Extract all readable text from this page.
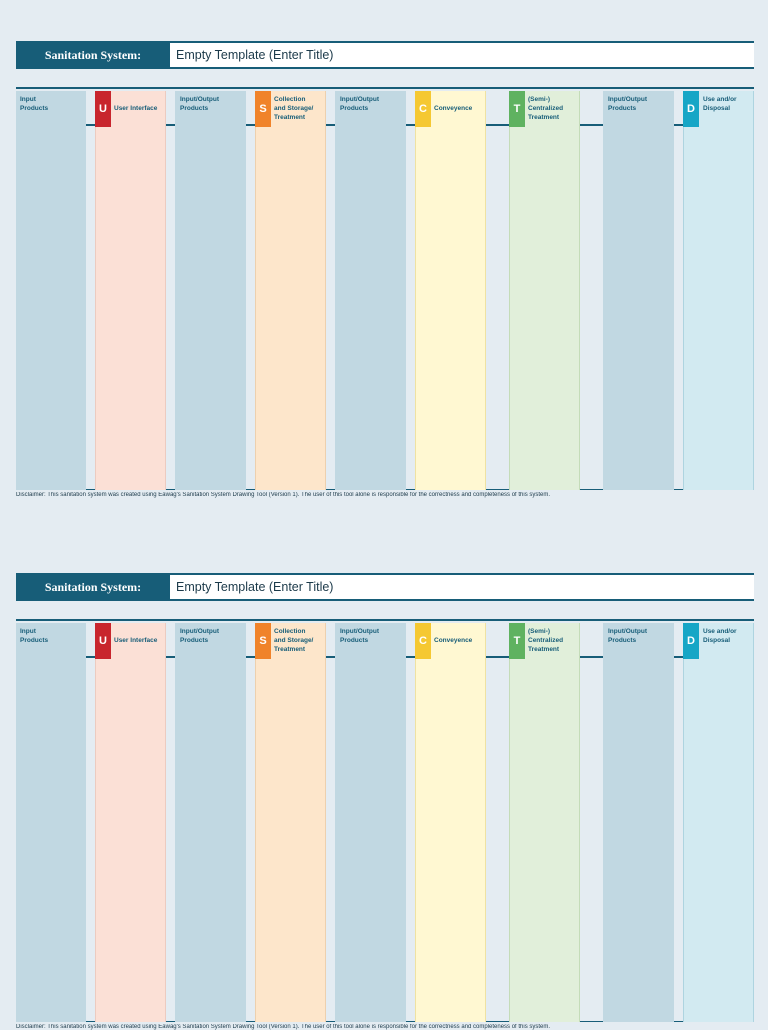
Sanitation System:	Empty Template (Enter Title)
U	S	C	T	D
Input
Products	User Interface
Input/Output
Products
Collection
and Storage/
Treatment
Input/Output
Products	Conveyence
(Semi-)
Centralized
Treatment
Input/Output
Products
Use and/or
Disposal
Disclaimer: This sanitation system was created using Eawag's Sanitation System Drawing Tool (Version 1). The user of this tool alone is responsible for the correctness and completeness of this system.
Sanitation System:	Empty Template (Enter Title)
U	S	C	T	D
Input
Products	User Interface
Input/Output
Products
Collection
and Storage/
Treatment
Input/Output
Products	Conveyence
(Semi-)
Centralized
Treatment
Input/Output
Products
Use and/or
Disposal
Disclaimer: This sanitation system was created using Eawag's Sanitation System Drawing Tool (Version 1). The user of this tool alone is responsible for the correctness and completeness of this system.
